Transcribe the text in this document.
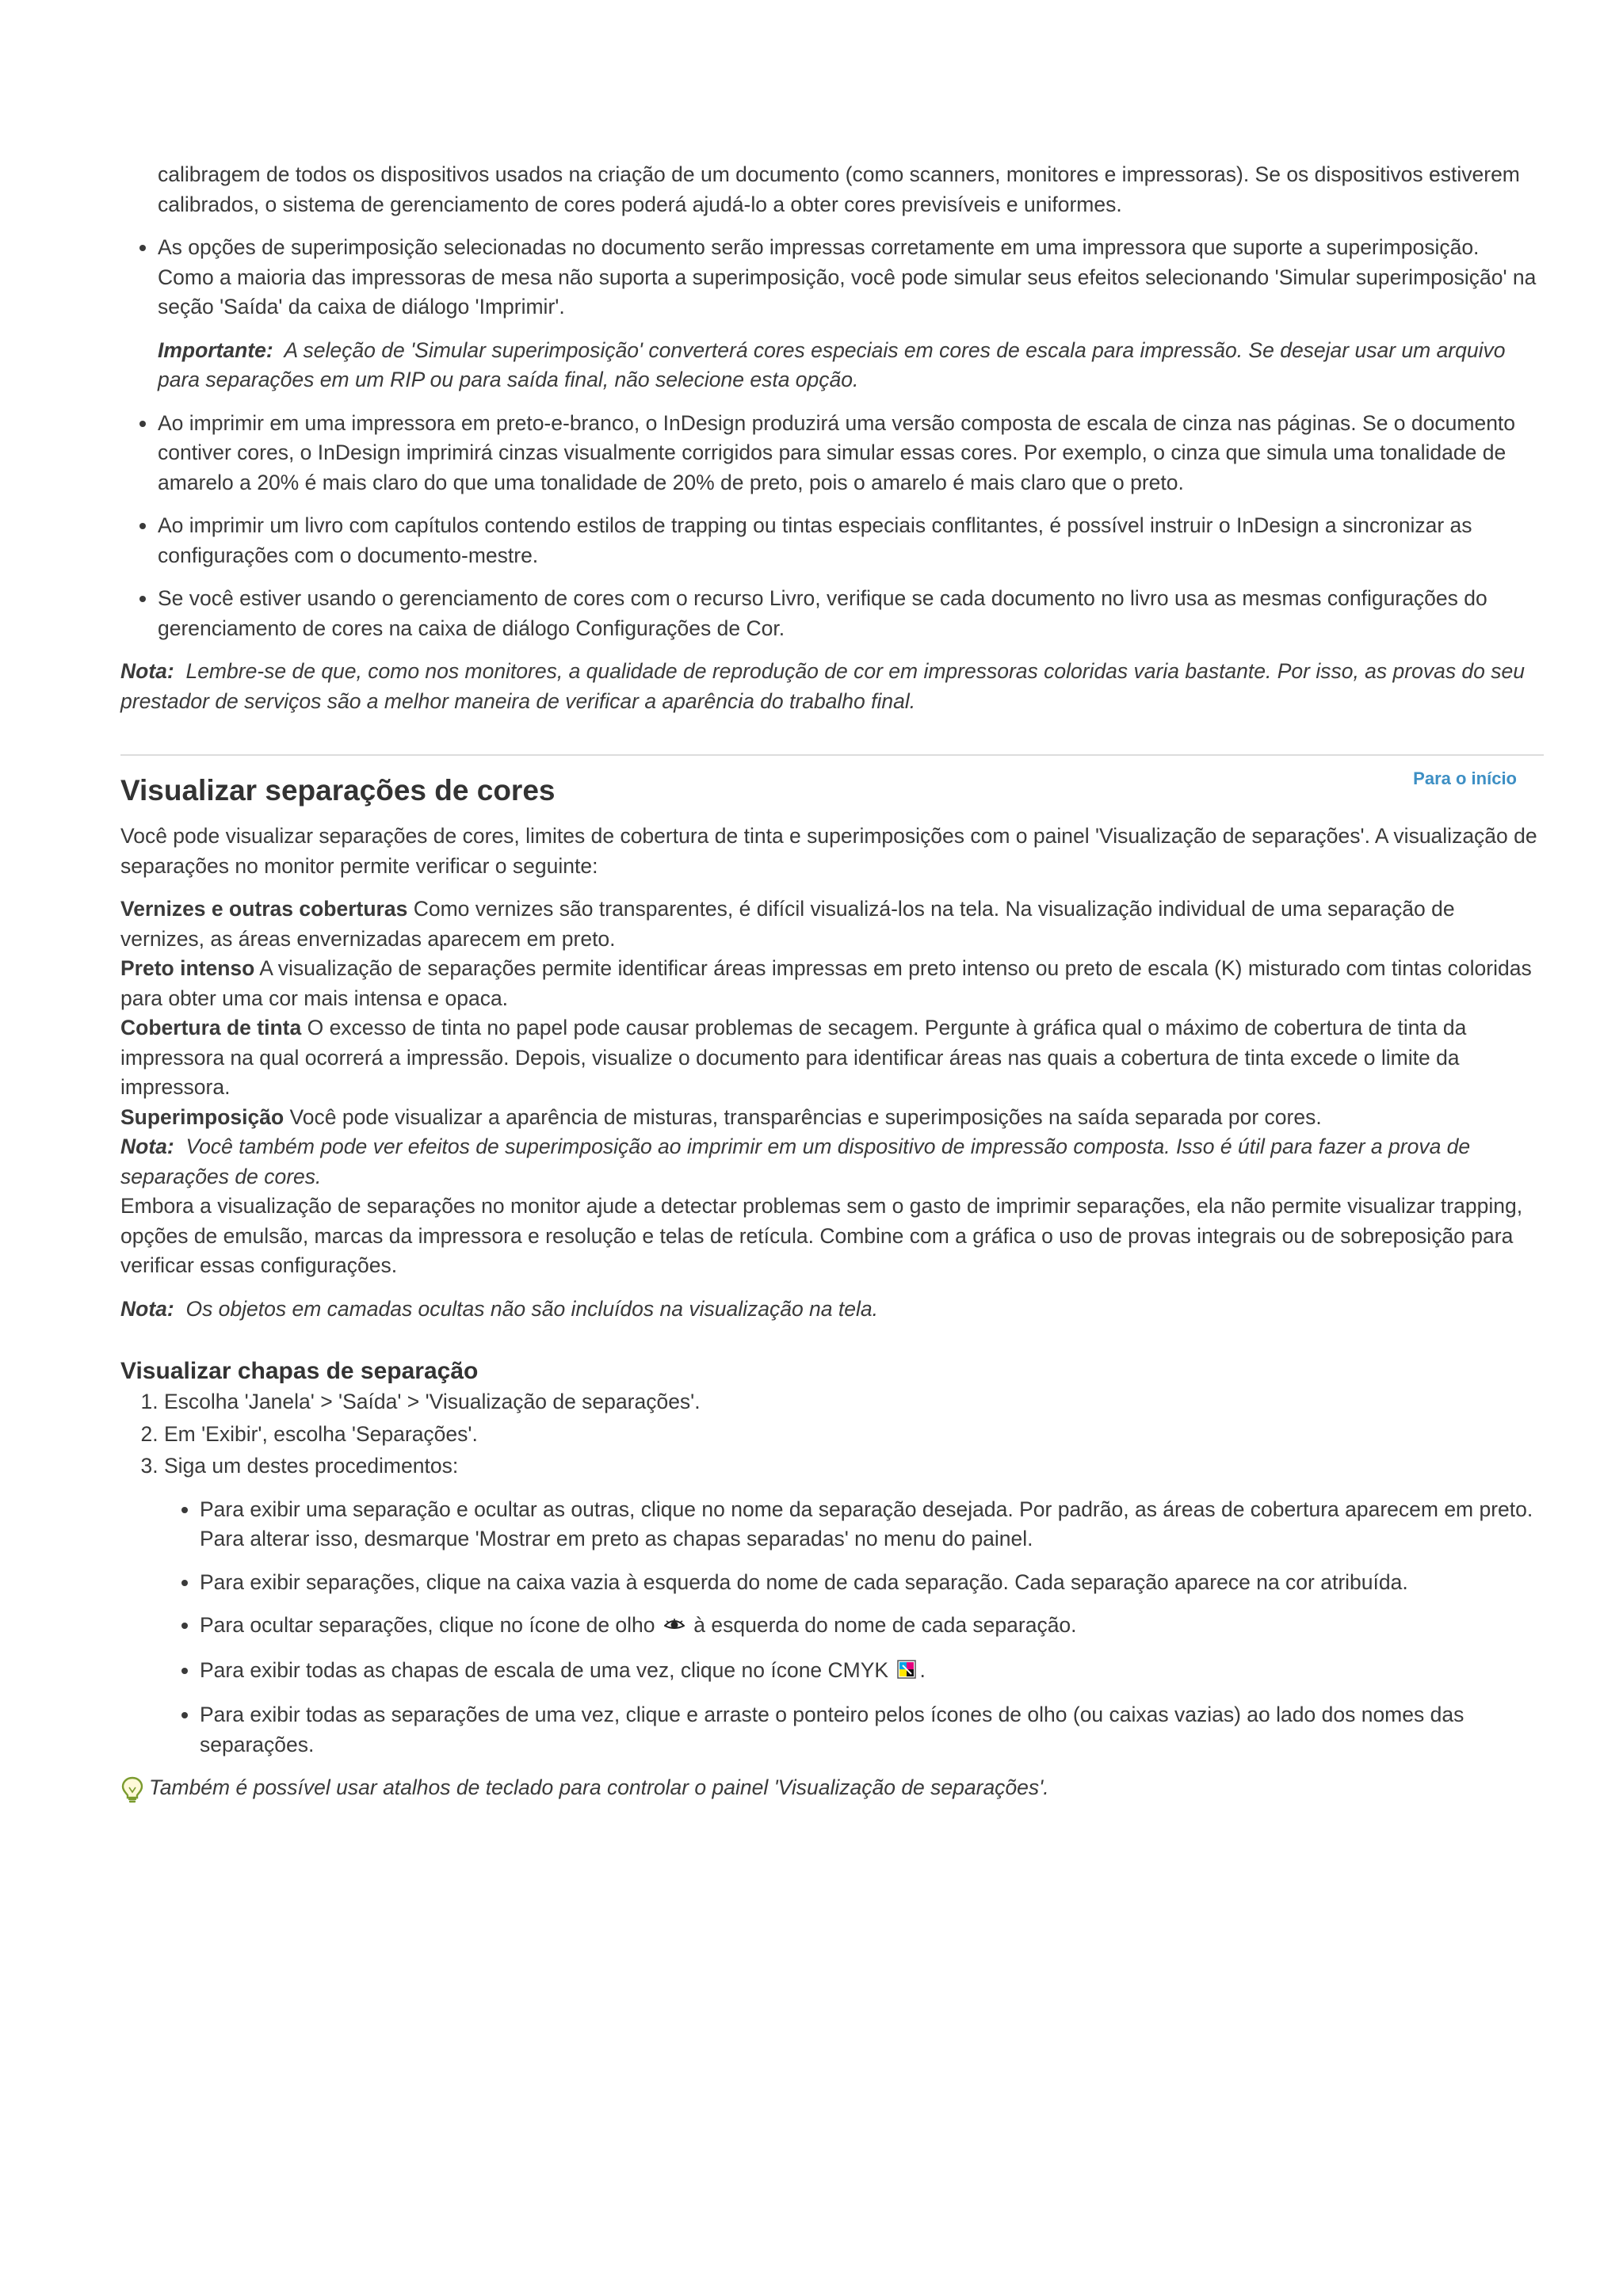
calibragem de todos os dispositivos usados na criação de um documento (como scanners, monitores e impressoras). Se os dispositivos estiverem calibrados, o sistema de gerenciamento de cores poderá ajudá-lo a obter cores previsíveis e uniformes.

• As opções de superimposição selecionadas no documento serão impressas corretamente em uma impressora que suporte a superimposição. Como a maioria das impressoras de mesa não suporta a superimposição, você pode simular seus efeitos selecionando 'Simular superimposição' na seção 'Saída' da caixa de diálogo 'Imprimir'.

Importante: A seleção de 'Simular superimposição' converterá cores especiais em cores de escala para impressão. Se desejar usar um arquivo para separações em um RIP ou para saída final, não selecione esta opção.

• Ao imprimir em uma impressora em preto-e-branco, o InDesign produzirá uma versão composta de escala de cinza nas páginas. Se o documento contiver cores, o InDesign imprimirá cinzas visualmente corrigidos para simular essas cores. Por exemplo, o cinza que simula uma tonalidade de amarelo a 20% é mais claro do que uma tonalidade de 20% de preto, pois o amarelo é mais claro que o preto.
• Ao imprimir um livro com capítulos contendo estilos de trapping ou tintas especiais conflitantes, é possível instruir o InDesign a sincronizar as configurações com o documento-mestre.
• Se você estiver usando o gerenciamento de cores com o recurso Livro, verifique se cada documento no livro usa as mesmas configurações do gerenciamento de cores na caixa de diálogo Configurações de Cor.

Nota: Lembre-se de que, como nos monitores, a qualidade de reprodução de cor em impressoras coloridas varia bastante. Por isso, as provas do seu prestador de serviços são a melhor maneira de verificar a aparência do trabalho final.

Visualizar separações de cores	Para o início

Você pode visualizar separações de cores, limites de cobertura de tinta e superimposições com o painel 'Visualização de separações'. A visualização de separações no monitor permite verificar o seguinte:

Vernizes e outras coberturas Como vernizes são transparentes, é difícil visualizá-los na tela. Na visualização individual de uma separação de vernizes, as áreas envernizadas aparecem em preto.

Preto intenso A visualização de separações permite identificar áreas impressas em preto intenso ou preto de escala (K) misturado com tintas coloridas para obter uma cor mais intensa e opaca.

Cobertura de tinta O excesso de tinta no papel pode causar problemas de secagem. Pergunte à gráfica qual o máximo de cobertura de tinta da impressora na qual ocorrerá a impressão. Depois, visualize o documento para identificar áreas nas quais a cobertura de tinta excede o limite da impressora.

Superimposição Você pode visualizar a aparência de misturas, transparências e superimposições na saída separada por cores.

Nota: Você também pode ver efeitos de superimposição ao imprimir em um dispositivo de impressão composta. Isso é útil para fazer a prova de separações de cores.

Embora a visualização de separações no monitor ajude a detectar problemas sem o gasto de imprimir separações, ela não permite visualizar trapping, opções de emulsão, marcas da impressora e resolução e telas de retícula. Combine com a gráfica o uso de provas integrais ou de sobreposição para verificar essas configurações.

Nota: Os objetos em camadas ocultas não são incluídos na visualização na tela.

Visualizar chapas de separação
1. Escolha 'Janela' > 'Saída' > 'Visualização de separações'.
2. Em 'Exibir', escolha 'Separações'.
3. Siga um destes procedimentos:
• Para exibir uma separação e ocultar as outras, clique no nome da separação desejada. Por padrão, as áreas de cobertura aparecem em preto. Para alterar isso, desmarque 'Mostrar em preto as chapas separadas' no menu do painel.
• Para exibir separações, clique na caixa vazia à esquerda do nome de cada separação. Cada separação aparece na cor atribuída.
• Para ocultar separações, clique no ícone de olho à esquerda do nome de cada separação.
• Para exibir todas as chapas de escala de uma vez, clique no ícone CMYK .
• Para exibir todas as separações de uma vez, clique e arraste o ponteiro pelos ícones de olho (ou caixas vazias) ao lado dos nomes das separações.
Também é possível usar atalhos de teclado para controlar o painel 'Visualização de separações'.
